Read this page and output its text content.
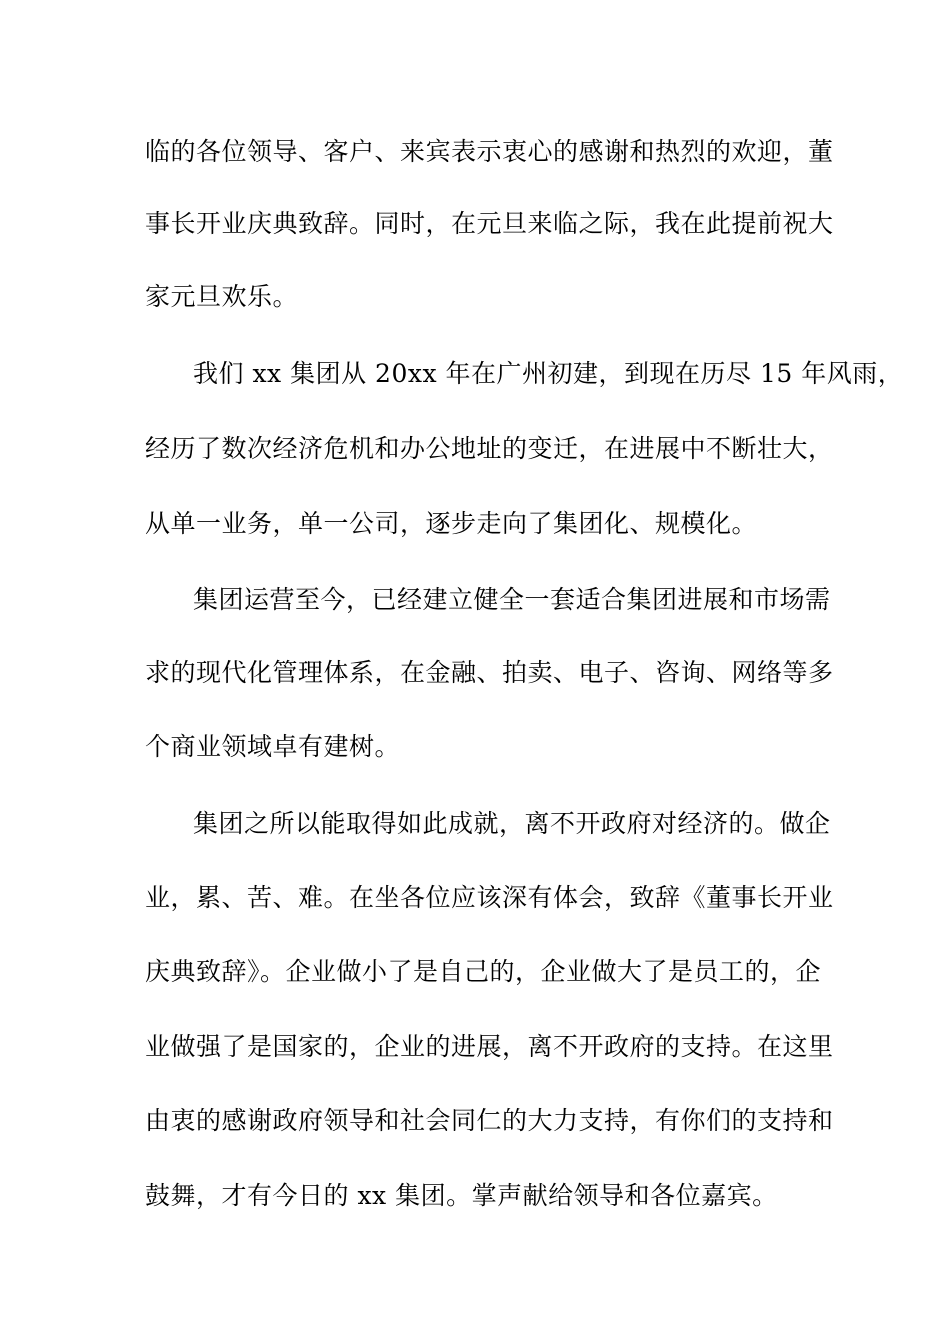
临的各位领导、客户、来宾表示衷心的感谢和热烈的欢迎，董
事长开业庆典致辞。同时，在元旦来临之际，我在此提前祝大
家元旦欢乐。
我们 xx 集团从 20xx 年在广州初建，到现在历尽 15 年风雨，
经历了数次经济危机和办公地址的变迁，在进展中不断壮大，
从单一业务，单一公司，逐步走向了集团化、规模化。
集团运营至今，已经建立健全一套适合集团进展和市场需
求的现代化管理体系，在金融、拍卖、电子、咨询、网络等多
个商业领域卓有建树。
集团之所以能取得如此成就，离不开政府对经济的。做企
业，累、苦、难。在坐各位应该深有体会，致辞《董事长开业
庆典致辞》。企业做小了是自己的，企业做大了是员工的，企
业做强了是国家的，企业的进展，离不开政府的支持。在这里
由衷的感谢政府领导和社会同仁的大力支持，有你们的支持和
鼓舞，才有今日的 xx 集团。掌声献给领导和各位嘉宾。
